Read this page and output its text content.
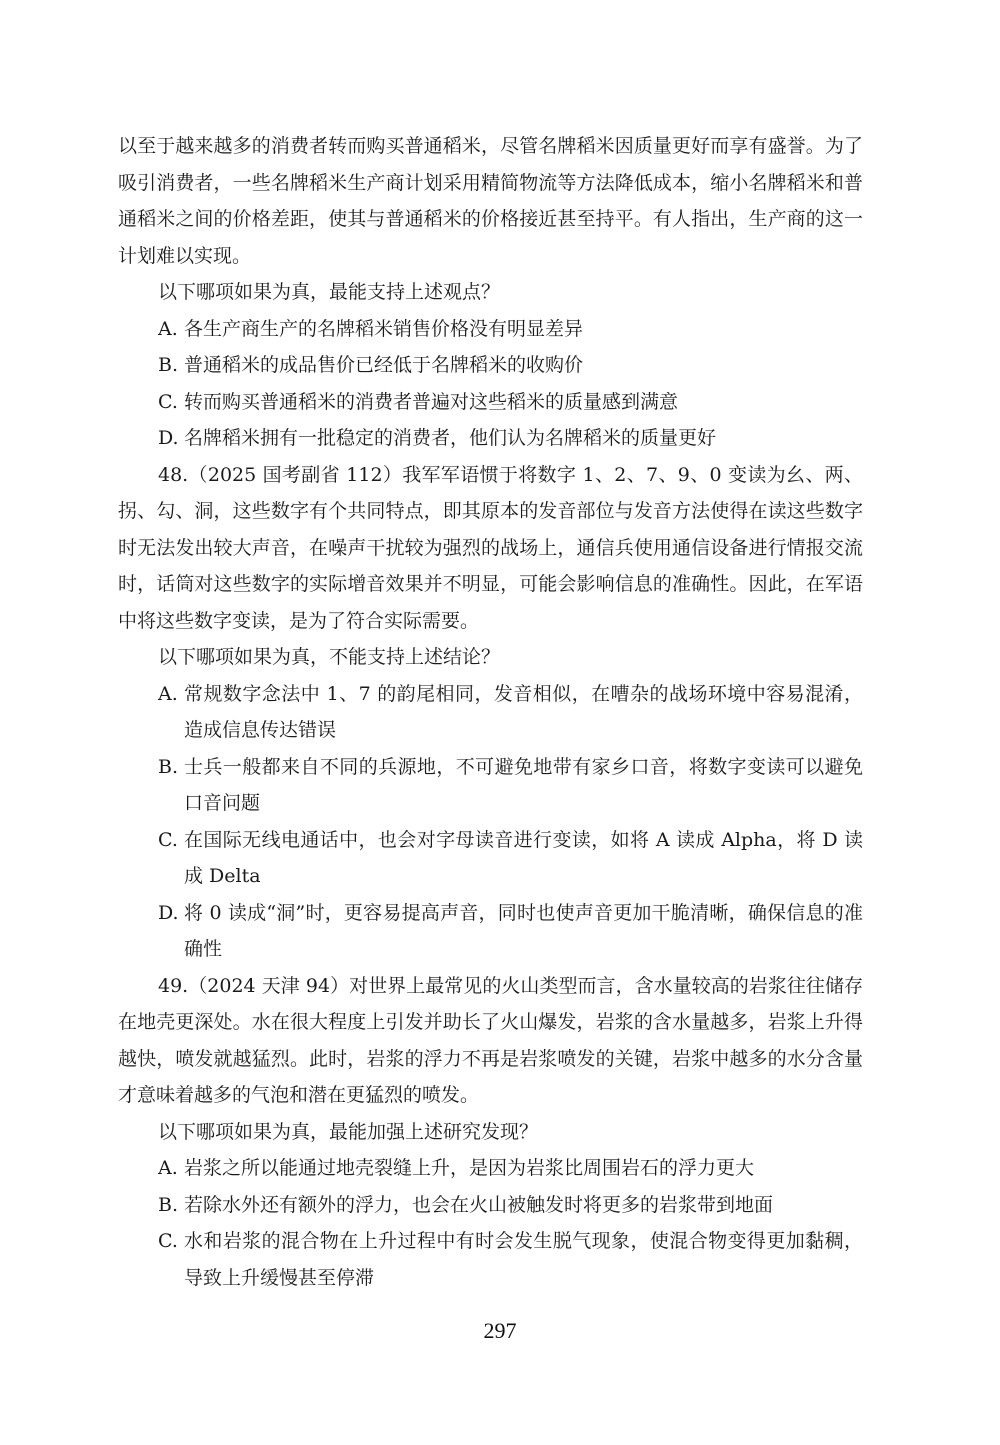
以至于越来越多的消费者转而购买普通稻米，尽管名牌稻米因质量更好而享有盛誉。为了吸引消费者，一些名牌稻米生产商计划采用精简物流等方法降低成本，缩小名牌稻米和普通稻米之间的价格差距，使其与普通稻米的价格接近甚至持平。有人指出，生产商的这一计划难以实现。

以下哪项如果为真，最能支持上述观点？

A. 各生产商生产的名牌稻米销售价格没有明显差异
B. 普通稻米的成品售价已经低于名牌稻米的收购价
C. 转而购买普通稻米的消费者普遍对这些稻米的质量感到满意
D. 名牌稻米拥有一批稳定的消费者，他们认为名牌稻米的质量更好

48.（2025 国考副省 112）我军军语惯于将数字 1、2、7、9、0 变读为幺、两、拐、勾、洞，这些数字有个共同特点，即其原本的发音部位与发音方法使得在读这些数字时无法发出较大声音，在噪声干扰较为强烈的战场上，通信兵使用通信设备进行情报交流时，话筒对这些数字的实际增音效果并不明显，可能会影响信息的准确性。因此，在军语中将这些数字变读，是为了符合实际需要。

以下哪项如果为真，不能支持上述结论？

A. 常规数字念法中 1、7 的韵尾相同，发音相似，在嘈杂的战场环境中容易混淆，造成信息传达错误
B. 士兵一般都来自不同的兵源地，不可避免地带有家乡口音，将数字变读可以避免口音问题
C. 在国际无线电通话中，也会对字母读音进行变读，如将 A 读成 Alpha，将 D 读成 Delta
D. 将 0 读成“洞”时，更容易提高声音，同时也使声音更加干脆清晰，确保信息的准确性

49.（2024 天津 94）对世界上最常见的火山类型而言，含水量较高的岩浆往往储存在地壳更深处。水在很大程度上引发并助长了火山爆发，岩浆的含水量越多，岩浆上升得越快，喷发就越猛烈。此时，岩浆的浮力不再是岩浆喷发的关键，岩浆中越多的水分含量才意味着越多的气泡和潜在更猛烈的喷发。

以下哪项如果为真，最能加强上述研究发现？

A. 岩浆之所以能通过地壳裂缝上升，是因为岩浆比周围岩石的浮力更大
B. 若除水外还有额外的浮力，也会在火山被触发时将更多的岩浆带到地面
C. 水和岩浆的混合物在上升过程中有时会发生脱气现象，使混合物变得更加黏稠，导致上升缓慢甚至停滞
297
